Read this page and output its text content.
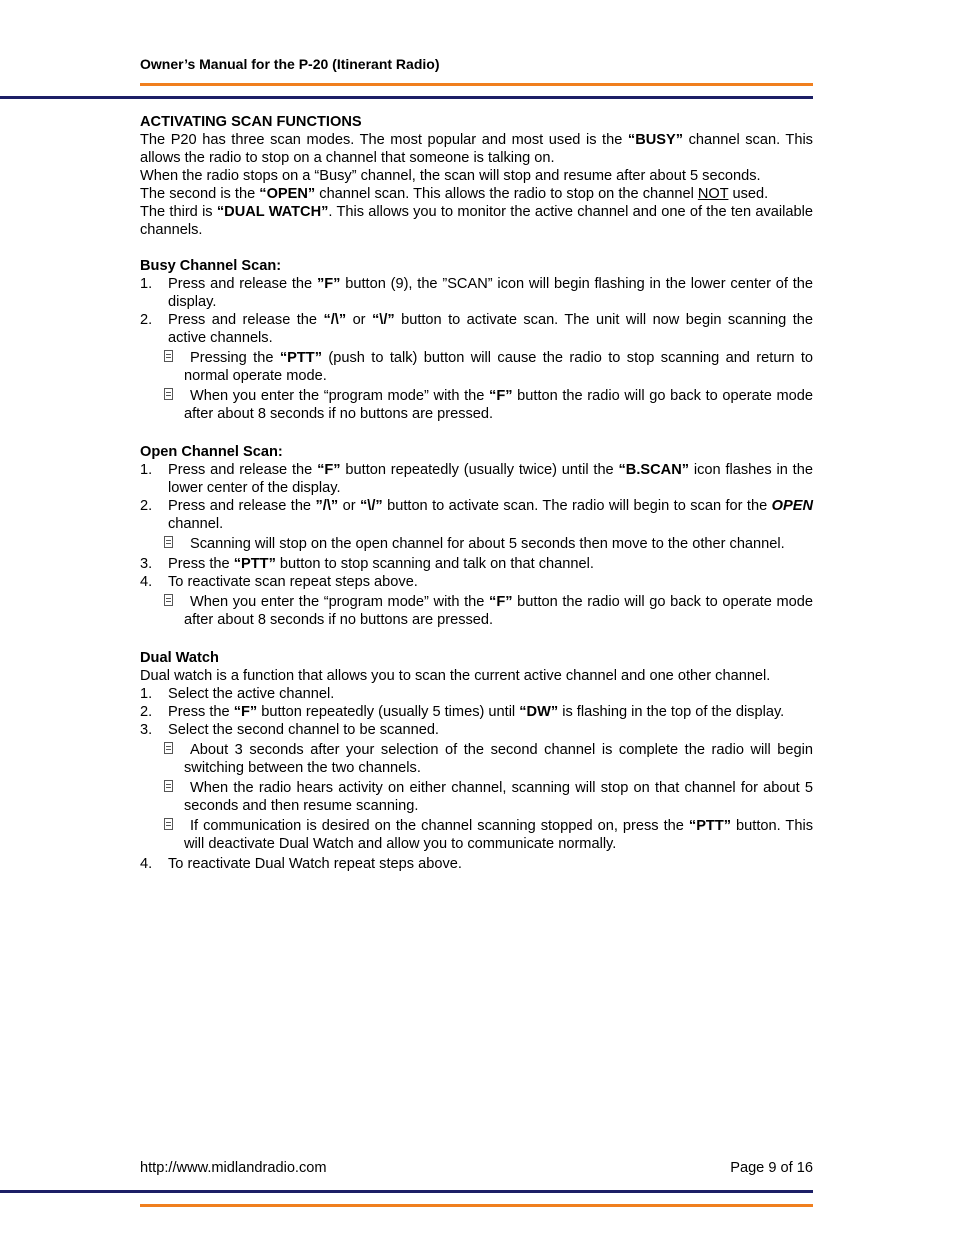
Owner’s Manual for the P-20 (Itinerant Radio)

ACTIVATING SCAN FUNCTIONS

The P20 has three scan modes. The most popular and most used is the “BUSY” channel scan. This allows the radio to stop on a channel that someone is talking on.

When the radio stops on a “Busy” channel, the scan will stop and resume after about 5 seconds.

The second is the “OPEN” channel scan. This allows the radio to stop on the channel NOT used.

The third is “DUAL WATCH”. This allows you to monitor the active channel and one of the ten available channels.

Busy Channel Scan:

1. Press and release the ”F” button (9), the ”SCAN” icon will begin flashing in the lower center of the display.
2. Press and release the “/\” or “\/” button to activate scan. The unit will now begin scanning the active channels.
Pressing the “PTT” (push to talk) button will cause the radio to stop scanning and return to normal operate mode.
When you enter the “program mode” with the “F” button the radio will go back to operate mode after about 8 seconds if no buttons are pressed.

Open Channel Scan:

1. Press and release the “F” button repeatedly (usually twice) until the “B.SCAN” icon flashes in the lower center of the display.
2. Press and release the ”/\” or “\/” button to activate scan. The radio will begin to scan for the OPEN channel.
Scanning will stop on the open channel for about 5 seconds then move to the other channel.
3. Press the “PTT” button to stop scanning and talk on that channel.
4. To reactivate scan repeat steps above.
When you enter the “program mode” with the “F” button the radio will go back to operate mode after about 8 seconds if no buttons are pressed.

Dual Watch

Dual watch is a function that allows you to scan the current active channel and one other channel.

1. Select the active channel.
2. Press the “F” button repeatedly (usually 5 times) until “DW” is flashing in the top of the display.
3. Select the second channel to be scanned.
About 3 seconds after your selection of the second channel is complete the radio will begin switching between the two channels.
When the radio hears activity on either channel, scanning will stop on that channel for about 5 seconds and then resume scanning.
If communication is desired on the channel scanning stopped on, press the “PTT” button. This will deactivate Dual Watch and allow you to communicate normally.
4. To reactivate Dual Watch repeat steps above.
http://www.midlandradio.com	Page 9 of 16
